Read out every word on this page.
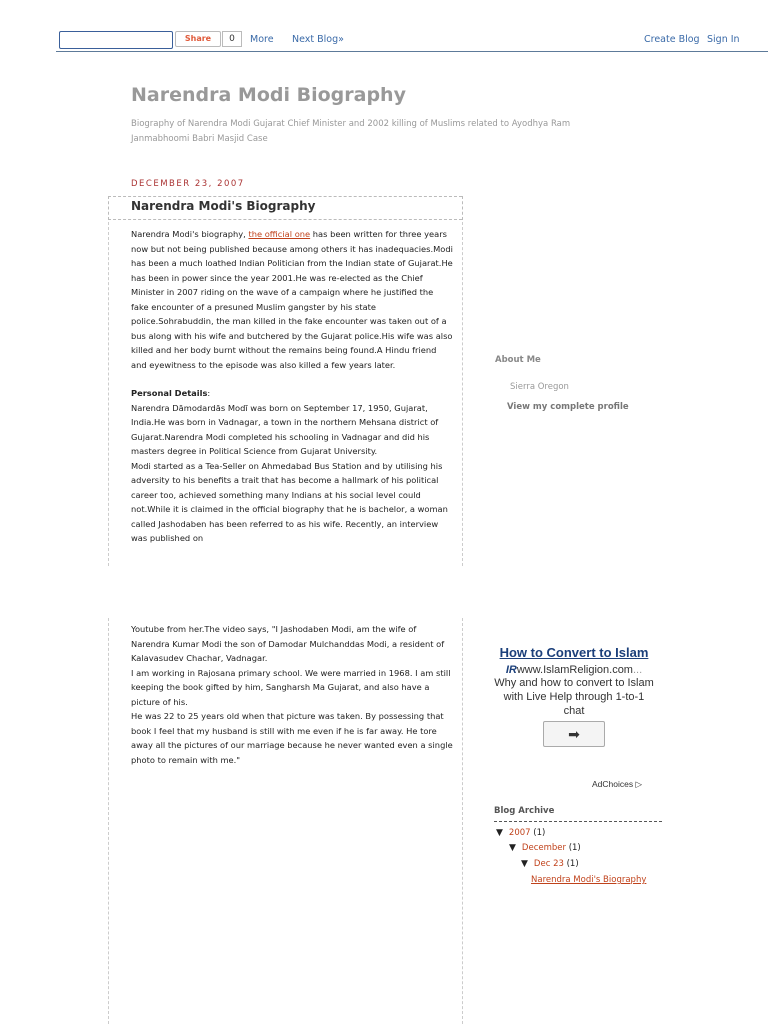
Share	0	More Next Blog»	Create Blog Sign In
Narendra Modi Biography
Biography of Narendra Modi Gujarat Chief Minister and 2002 killing of Muslims related to Ayodhya Ram Janmabhoomi Babri Masjid Case
DECEMBER 23, 2007
Narendra Modi's Biography

Narendra Modi's biography, the official one has been written for three years now but not being published because among others it has inadequacies.Modi has been a much loathed Indian Politician from the Indian state of Gujarat.He has been in power since the year 2001.He was re-elected as the Chief Minister in 2007 riding on the wave of a campaign where he justified the fake encounter of a presuned Muslim gangster by his state police.Sohrabuddin, the man killed in the fake encounter was taken out of a bus along with his wife and butchered by the Gujarat police.His wife was also killed and her body burnt without the remains being found.A Hindu friend and eyewitness to the episode was also killed a few years later.

Personal Details:

Narendra Dāmodardās Modī was born on September 17, 1950, Gujarat, India.He was born in Vadnagar, a town in the northern Mehsana district of Gujarat.Narendra Modi completed his schooling in Vadnagar and did his masters degree in Political Science from Gujarat University.

Modi started as a Tea-Seller on Ahmedabad Bus Station and by utilising his adversity to his benefits a trait that has become a hallmark of his political career too, achieved something many Indians at his social level could not.While it is claimed in the official biography that he is bachelor, a woman called Jashodaben has been referred to as his wife. Recently, an interview was published on

Youtube from her.The video says, "I Jashodaben Modi, am the wife of Narendra Kumar Modi the son of Damodar Mulchanddas Modi, a resident of Kalavasudev Chachar, Vadnagar.

I am working in Rajosana primary school. We were married in 1968. I am still keeping the book gifted by him, Sangharsh Ma Gujarat, and also have a picture of his.

He was 22 to 25 years old when that picture was taken. By possessing that book I feel that my husband is still with me even if he is far away. He tore away all the pictures of our marriage because he never wanted even a single photo to remain with me."

About Me
Sierra Oregon
View my complete profile
How to Convert to Islam
IRwww.IslamReligion.com...
Why and how to convert to Islam with Live Help through 1-to-1 chat
➡
AdChoices ▷
Blog Archive
▼ 2007 (1)
▼ December (1)
▼ Dec 23 (1)
Narendra Modi's Biography
